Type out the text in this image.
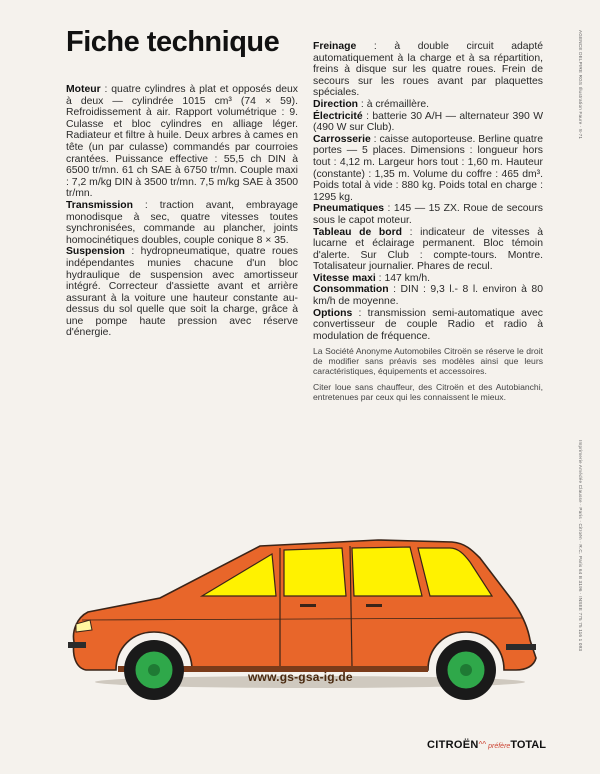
Fiche technique

Moteur : quatre cylindres à plat et opposés deux à deux — cylindrée 1015 cm³ (74 × 59). Refroidissement à air. Rapport volumétrique : 9. Culasse et bloc cylindres en alliage léger. Radiateur et filtre à huile. Deux arbres à cames en tête (un par culasse) commandés par courroies crantées. Puissance effective : 55,5 ch DIN à 6500 tr/mn. 61 ch SAE à 6750 tr/mn. Couple maxi : 7,2 m/kg DIN à 3500 tr/mn. 7,5 m/kg SAE à 3500 tr/mn.

Transmission : traction avant, embrayage monodisque à sec, quatre vitesses toutes synchronisées, commande au plancher, joints homocinétiques doubles, couple conique 8 × 35.

Suspension : hydropneumatique, quatre roues indépendantes munies chacune d'un bloc hydraulique de suspension avec amortisseur intégré. Correcteur d'assiette avant et arrière assurant à la voiture une hauteur constante au-dessus du sol quelle que soit la charge, grâce à une pompe haute pression avec réserve d'énergie.

Freinage : à double circuit adapté automatiquement à la charge et à sa répartition, freins à disque sur les quatre roues. Frein de secours sur les roues avant par plaquettes spéciales.

Direction : à crémaillère.

Électricité : batterie 30 A/H — alternateur 390 W (490 W sur Club).

Carrosserie : caisse autoporteuse. Berline quatre portes — 5 places. Dimensions : longueur hors tout : 4,12 m. Largeur hors tout : 1,60 m. Hauteur (constante) : 1,35 m. Volume du coffre : 465 dm³. Poids total à vide : 880 kg. Poids total en charge : 1295 kg.

Pneumatiques : 145 — 15 ZX. Roue de secours sous le capot moteur.

Tableau de bord : indicateur de vitesses à lucarne et éclairage permanent. Bloc témoin d'alerte. Sur Club : compte-tours. Montre. Totalisateur journalier. Phares de recul.

Vitesse maxi : 147 km/h.

Consommation : DIN : 9,3 l.- 8 l. environ à 80 km/h de moyenne.

Options : transmission semi-automatique avec convertisseur de couple Radio et radio à modulation de fréquence.

La Société Anonyme Automobiles Citroën se réserve le droit de modifier sans préavis ses modèles ainsi que leurs caractéristiques, équipements et accessoires.

Citer loue sans chauffeur, des Citroën et des Autobianchi, entretenues par ceux qui les connaissent le mieux.

AGENCE DELPIRE RGS Illustration Faure · 8-71
Imprimerie Amédée Clausse · Paris · Citroën · R.C. Paris 64 B 3196 · INSEE 775 75 116 1 093
www.gs-gsa-ig.de
CITROËN^^ préfèreTOTAL
